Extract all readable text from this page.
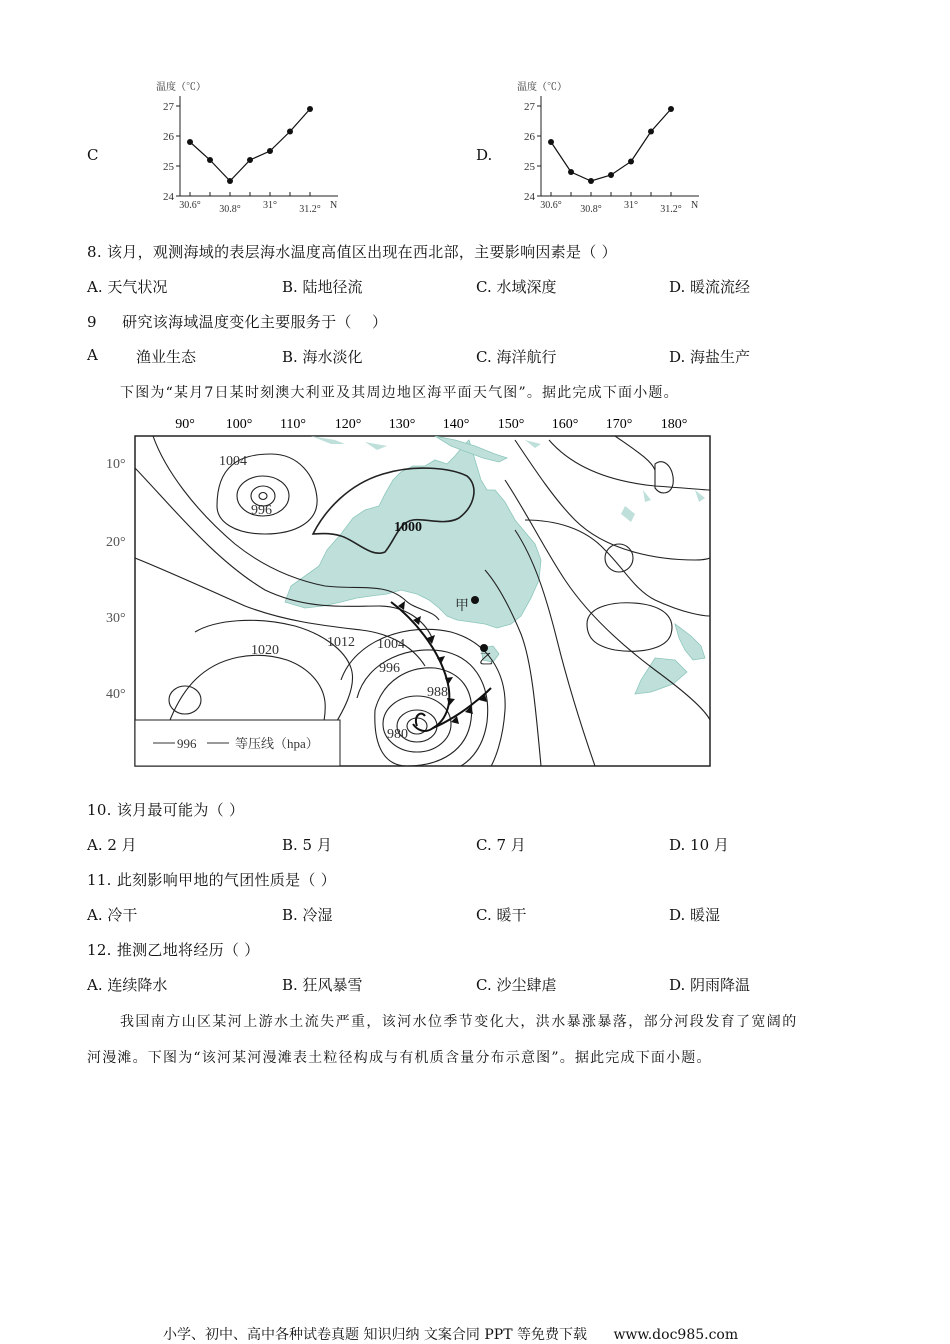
C
温度（℃）
27
26
25
24
30.6° 30.8° 31° 31.2° N
D.
温度（℃）
27
26
25
24
30.6° 30.8° 31° 31.2° N
8. 该月，观测海域的表层海水温度高值区出现在西北部，主要影响因素是（ ）
A. 天气状况	B. 陆地径流	C. 水域深度	D. 暖流流经
9     研究该海域温度变化主要服务于（    ）
A	渔业生态	B. 海水淡化	C. 海洋航行	D. 海盐生产
下图为“某月7日某时刻澳大利亚及其周边地区海平面天气图”。据此完成下面小题。
90° 100° 110° 120° 130° 140° 150° 160° 170° 180°
10°
20°
30°
40°
1004
996
1000
1020
1012 1004
996
988
980
甲
乙
996	等压线（hpa）
10. 该月最可能为（ ）
A. 2 月	B. 5 月	C. 7 月	D. 10 月
11. 此刻影响甲地的气团性质是（ ）
A. 冷干	B. 冷湿	C. 暖干	D. 暖湿
12. 推测乙地将经历（ ）
A. 连续降水	B. 狂风暴雪	C. 沙尘肆虐	D. 阴雨降温
我国南方山区某河上游水土流失严重，该河水位季节变化大，洪水暴涨暴落，部分河段发育了宽阔的
河漫滩。下图为“该河某河漫滩表土粒径构成与有机质含量分布示意图”。据此完成下面小题。
小学、初中、高中各种试卷真题 知识归纳 文案合同 PPT 等免费下载 www.doc985.com
